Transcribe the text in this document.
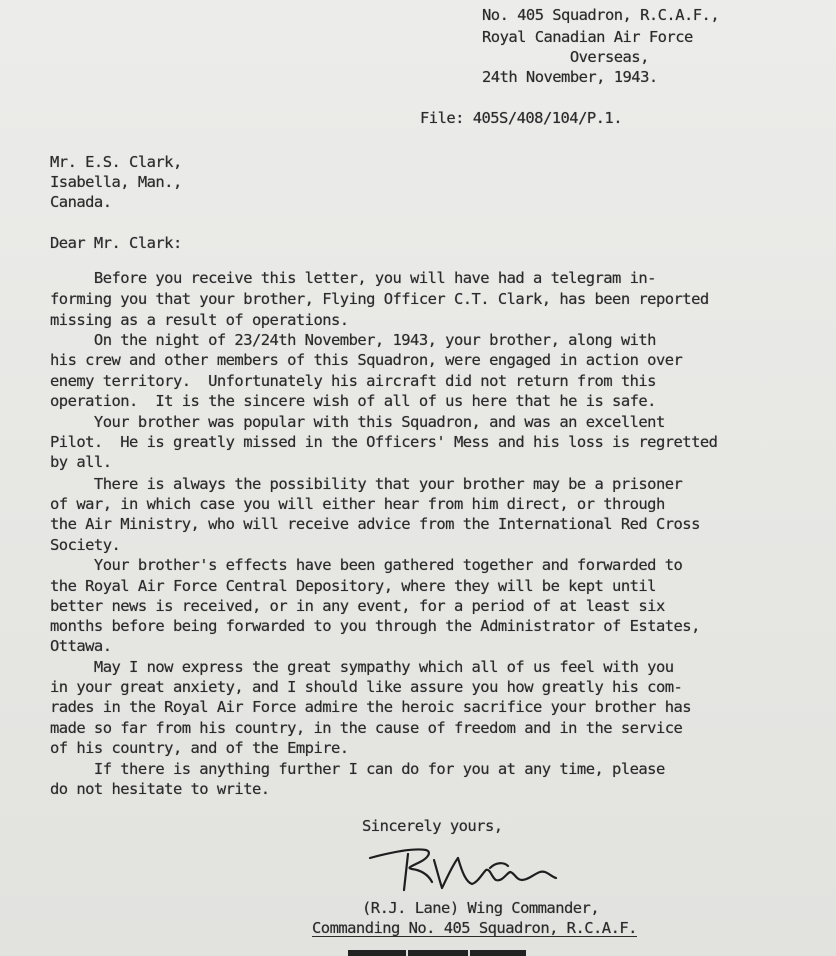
No. 405 Squadron, R.C.A.F.,

Royal Canadian Air Force

Overseas,

24th November, 1943.

File: 405S/408/104/P.1.

Mr. E.S. Clark,

Isabella, Man.,

Canada.

Dear Mr. Clark:
Before you receive this letter, you will have had a telegram in-
forming you that your brother, Flying Officer C.T. Clark, has been reported
missing as a result of operations.
On the night of 23/24th November, 1943, your brother, along with
his crew and other members of this Squadron, were engaged in action over
enemy territory.  Unfortunately his aircraft did not return from this
operation.  It is the sincere wish of all of us here that he is safe.
Your brother was popular with this Squadron, and was an excellent
Pilot.  He is greatly missed in the Officers' Mess and his loss is regretted
by all.
There is always the possibility that your brother may be a prisoner
of war, in which case you will either hear from him direct, or through
the Air Ministry, who will receive advice from the International Red Cross
Society.
Your brother's effects have been gathered together and forwarded to
the Royal Air Force Central Depository, where they will be kept until
better news is received, or in any event, for a period of at least six
months before being forwarded to you through the Administrator of Estates,
Ottawa.
May I now express the great sympathy which all of us feel with you
in your great anxiety, and I should like assure you how greatly his com-
rades in the Royal Air Force admire the heroic sacrifice your brother has
made so far from his country, in the cause of freedom and in the service
of his country, and of the Empire.
If there is anything further I can do for you at any time, please
do not hesitate to write.
Sincerely yours,
(R.J. Lane) Wing Commander,
Commanding No. 405 Squadron, R.C.A.F.
